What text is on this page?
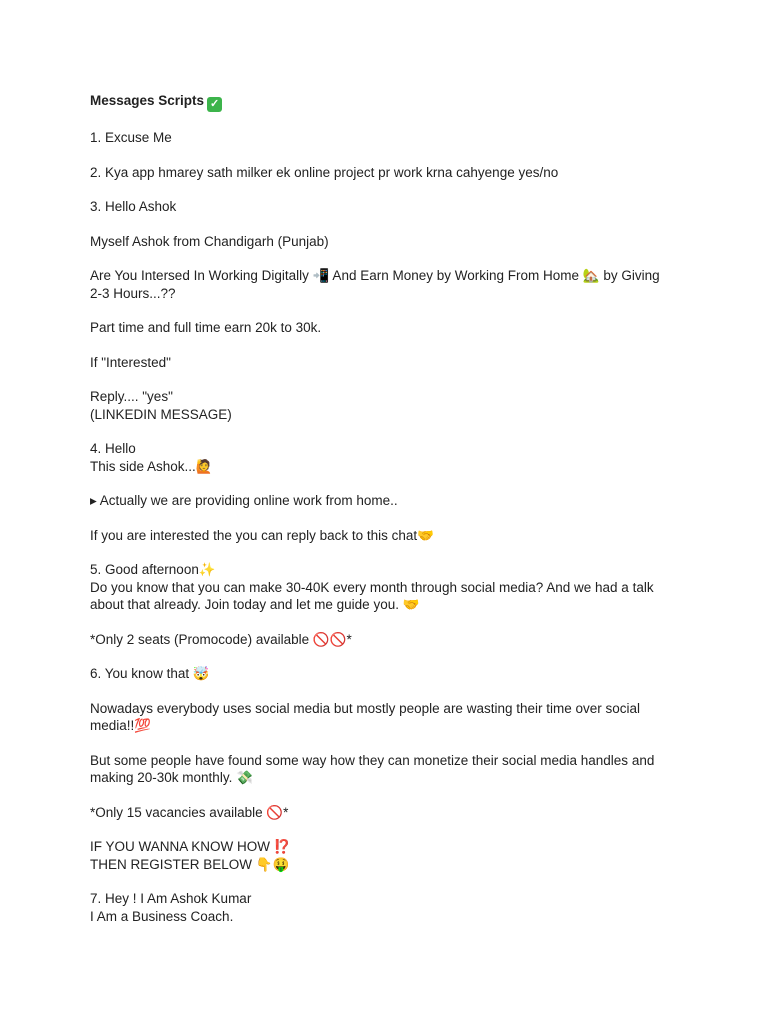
Messages Scripts ✓
1. Excuse Me
2. Kya app hmarey sath milker ek online project pr work krna cahyenge yes/no
3. Hello Ashok
Myself Ashok from Chandigarh (Punjab)
Are You Intersed In Working Digitally 📲 And Earn Money by Working From Home 🏡 by Giving
2-3 Hours...??
Part time and full time earn 20k to 30k.
If "Interested"
Reply.... "yes"
(LINKEDIN MESSAGE)
4. Hello
This side Ashok...🙋
▸ Actually we are providing online work from home..
If you are interested the you can reply back to this chat🤝
5. Good afternoon✨
Do you know that you can make 30-40K every month through social media? And we had a talk
about that already. Join today and let me guide you. 🤝
*Only 2 seats (Promocode) available 🚫🚫*
6. You know that 🤯
Nowadays everybody uses social media but mostly people are wasting their time over social
media!!💯
But some people have found some way how they can monetize their social media handles and
making 20-30k monthly. 💸
*Only 15 vacancies available 🚫*
IF YOU WANNA KNOW HOW ⁉️
THEN REGISTER BELOW 👇🤑
7. Hey ! I Am Ashok Kumar
I Am a Business Coach.
